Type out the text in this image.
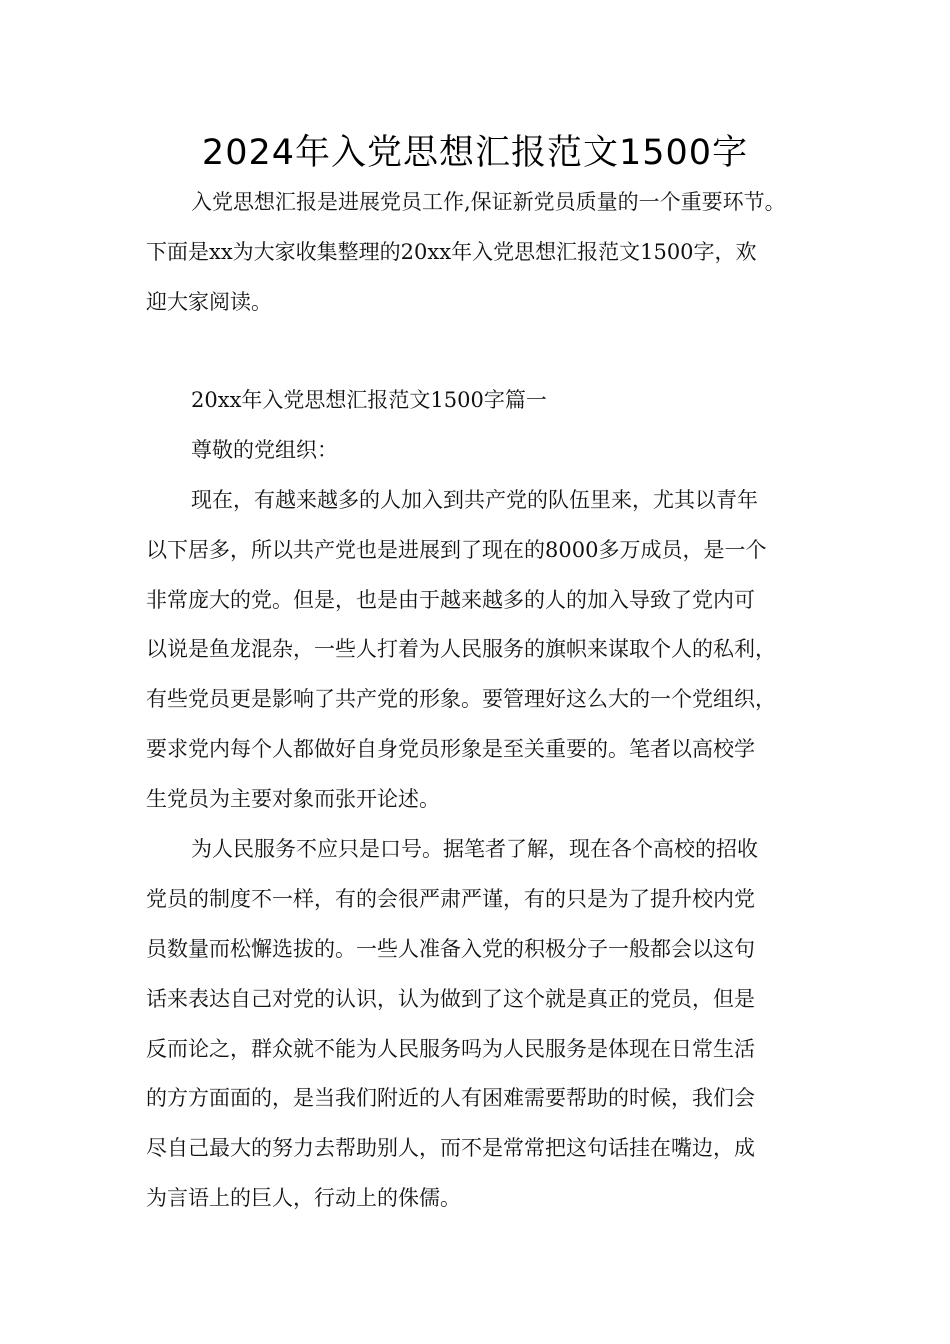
2024年入党思想汇报范文1500字
入党思想汇报是进展党员工作,保证新党员质量的一个重要环节。
下面是xx为大家收集整理的20xx年入党思想汇报范文1500字，欢
迎大家阅读。
20xx年入党思想汇报范文1500字篇一
尊敬的党组织：
现在，有越来越多的人加入到共产党的队伍里来，尤其以青年
以下居多，所以共产党也是进展到了现在的8000多万成员，是一个
非常庞大的党。但是，也是由于越来越多的人的加入导致了党内可
以说是鱼龙混杂，一些人打着为人民服务的旗帜来谋取个人的私利，
有些党员更是影响了共产党的形象。要管理好这么大的一个党组织，
要求党内每个人都做好自身党员形象是至关重要的。笔者以高校学
生党员为主要对象而张开论述。
为人民服务不应只是口号。据笔者了解，现在各个高校的招收
党员的制度不一样，有的会很严肃严谨，有的只是为了提升校内党
员数量而松懈选拔的。一些人准备入党的积极分子一般都会以这句
话来表达自己对党的认识，认为做到了这个就是真正的党员，但是
反而论之，群众就不能为人民服务吗为人民服务是体现在日常生活
的方方面面的，是当我们附近的人有困难需要帮助的时候，我们会
尽自己最大的努力去帮助别人，而不是常常把这句话挂在嘴边，成
为言语上的巨人，行动上的侏儒。
